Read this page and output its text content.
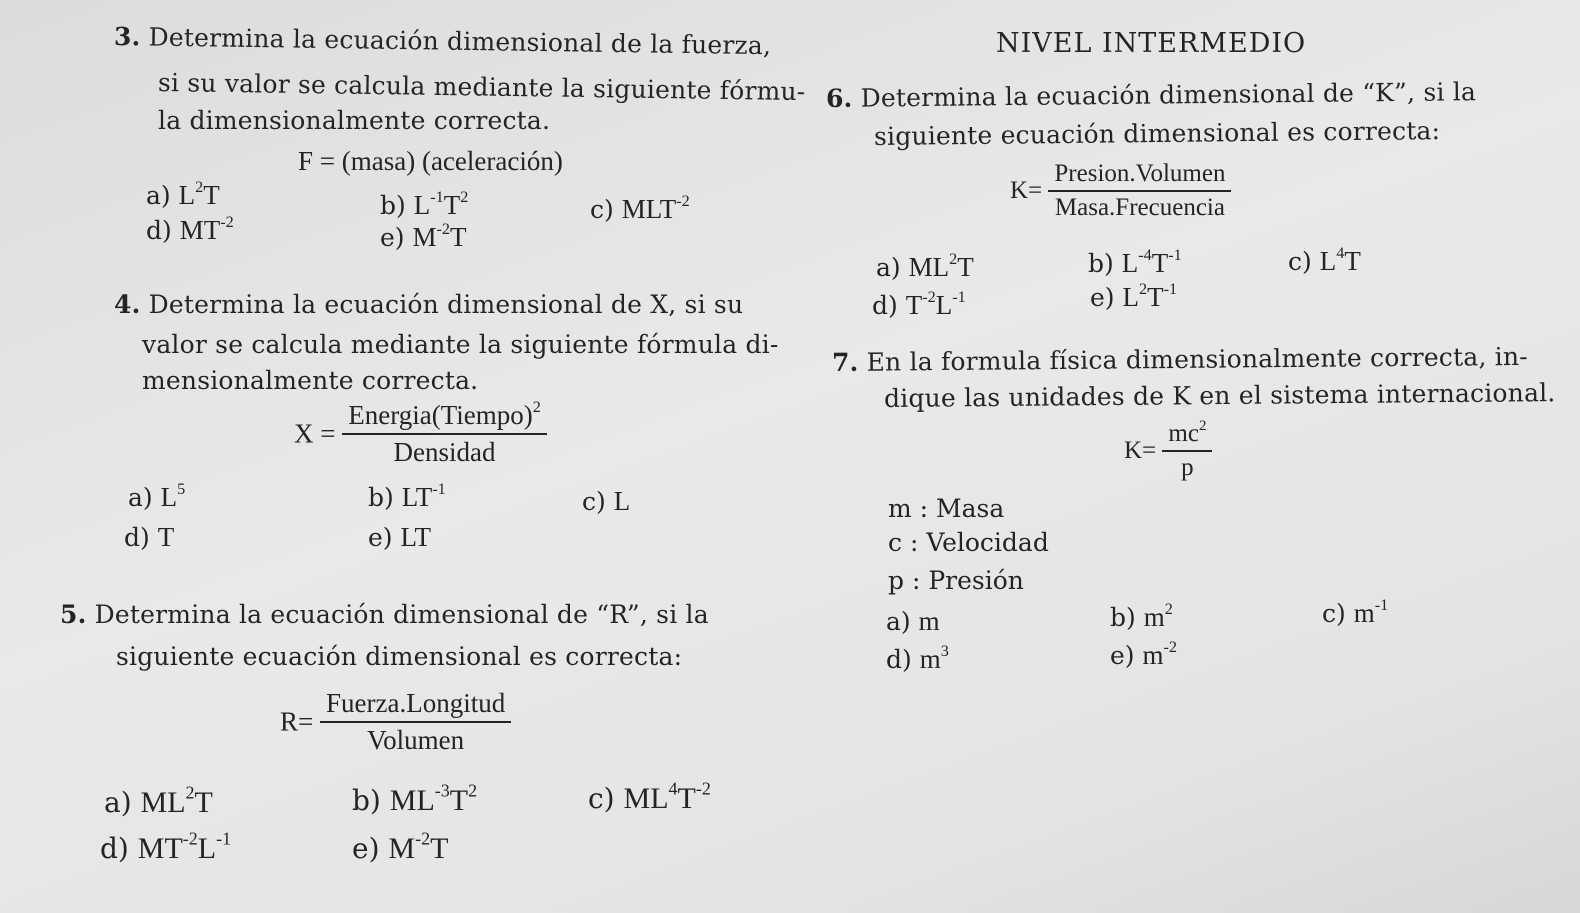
NIVEL INTERMEDIO
3. Determina la ecuación dimensional de la fuerza,
si su valor se calcula mediante la siguiente fórmu-
la dimensionalmente correcta.
F = (masa) (aceleración)
a) $L^2T$	b) $L^{-1}T^2$	c) $MLT^{-2}$
d) $MT^{-2}$
e) $M^{-2}T$
4. Determina la ecuación dimensional de X, si su
valor se calcula mediante la siguiente fórmula di-
mensionalmente correcta.
$X = \frac{Energia(Tiempo)^2}{\text{Densidad}}$
a) $L^5$	b) $LT^{-1}$	c) L
d) T	e) LT
5. Determina la ecuación dimensional de “R”, si la
siguiente ecuación dimensional es correcta:
$R= \frac{\text{Fuerza.Longitud}}{\text{Volumen}}$
a) $ML^2T$	b) $ML^{-3}T^2$	c) $ML^4T^{-2}$
d) $MT^{-2}L^{-1}$	e) $M^{-2}T$
6. Determina la ecuación dimensional de “K”, si la
siguiente ecuación dimensional es correcta:
$K= \frac{\text{Presion.Volumen}}{\text{Masa.Frecuencia}}$
a) $ML^2T$	b) $L^{-4}T^{-1}$	c) $L^4T$
d) $T^{-2}L^{-1}$	e) $L^2T^{-1}$
7. En la formula física dimensionalmente correcta, in-
dique las unidades de K en el sistema internacional.
$K= \frac{mc^2}{p}$
m : Masa
c : Velocidad
p : Presión
a) m	b) $m^2$	c) $m^{-1}$
d) $m^3$	e) $m^{-2}$
